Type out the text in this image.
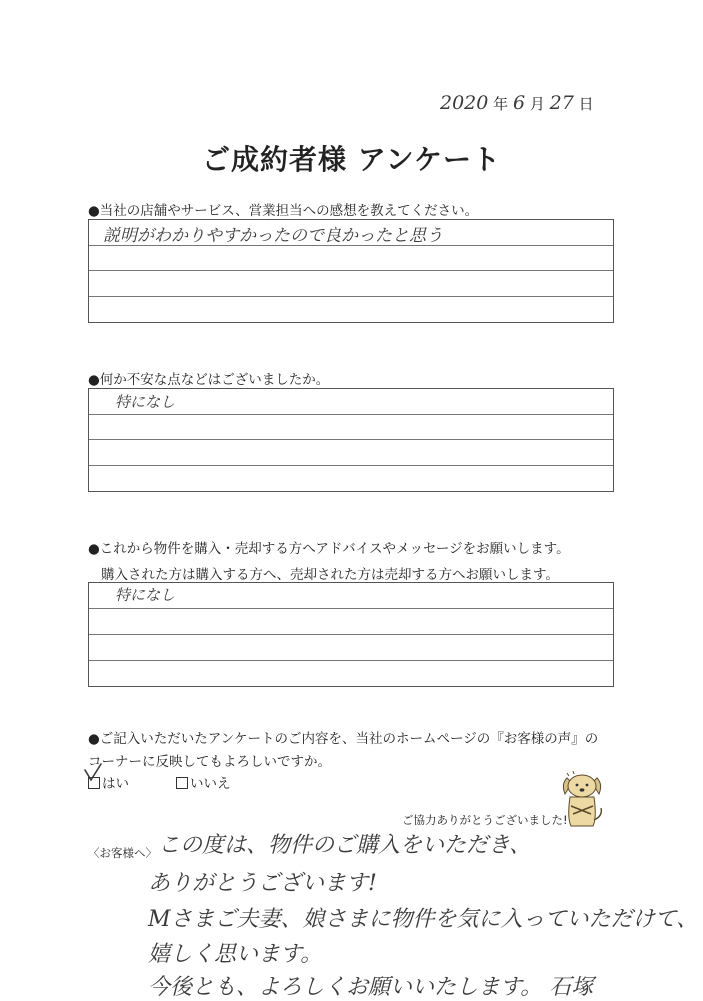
2020 年 6 月 27 日
ご成約者様 アンケート
●当社の店舗やサービス、営業担当への感想を教えてください。
説明がわかりやすかったので良かったと思う
●何か不安な点などはございましたか。
特になし
●これから物件を購入・売却する方へアドバイスやメッセージをお願いします。
購入された方は購入する方へ、売却された方は売却する方へお願いします。
特になし
●ご記入いただいたアンケートのご内容を、当社のホームページの『お客様の声』の
コーナーに反映してもよろしいですか。
はい	いいえ
ご協力ありがとうございました!
〈お客様へ〉 この度は、物件のご購入をいただき、
ありがとうございます!
Mさまご夫妻、娘さまに物件を気に入っていただけて、
嬉しく思います。
今後とも、よろしくお願いいたします。 石塚
